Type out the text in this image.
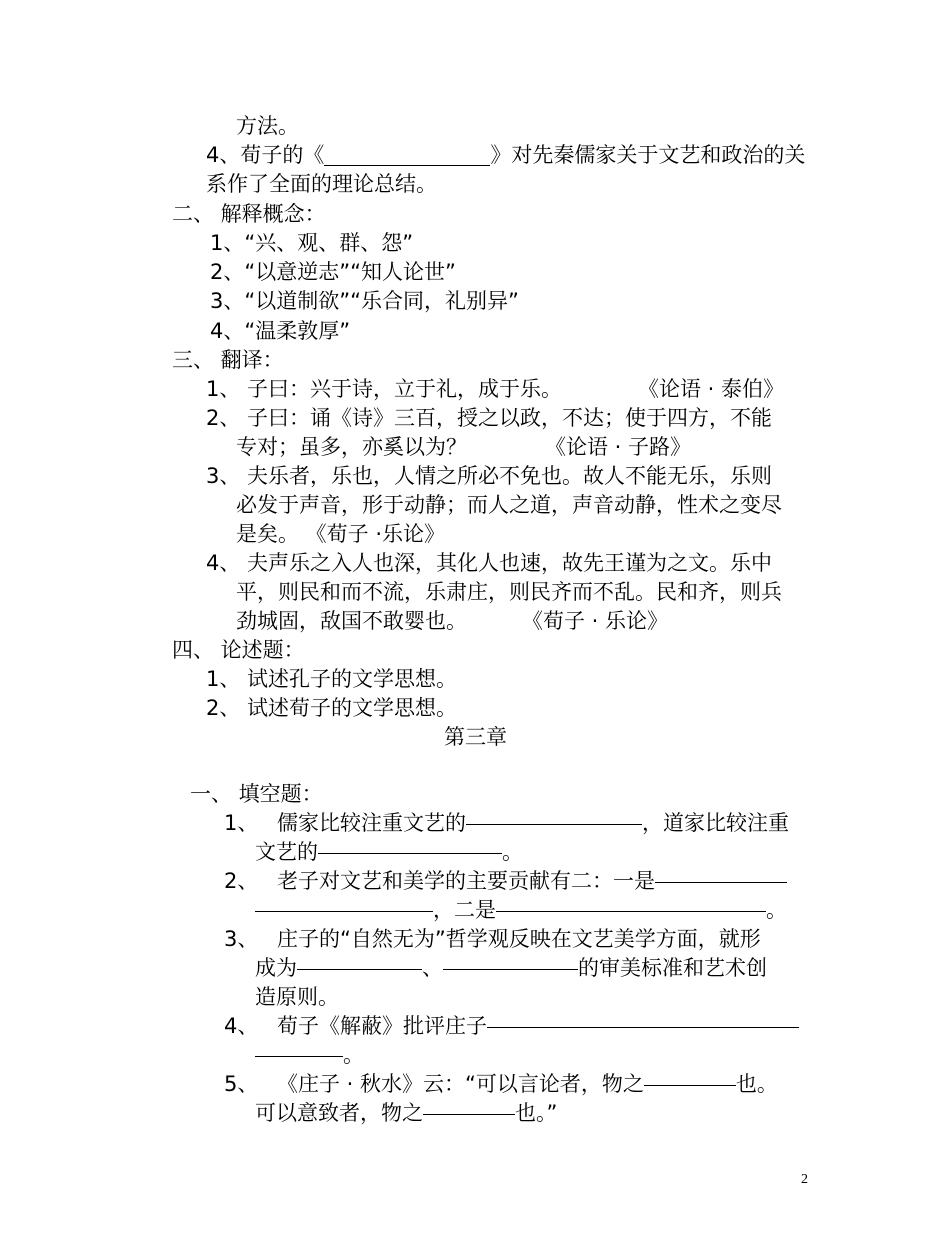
方法。
4、荀子的《	》对先秦儒家关于文艺和政治的关
系作了全面的理论总结。
二、 解释概念：
1、“兴、观、群、怨”
2、“以意逆志”“知人论世”
3、“以道制欲”“乐合同，礼别异”
4、“温柔敦厚”
三、 翻译：
1、 子曰：兴于诗，立于礼，成于乐。	《论语 · 泰伯》
2、 子曰：诵《诗》三百，授之以政，不达；使于四方，不能
专对；虽多，亦奚以为？	《论语 · 子路》
3、 夫乐者，乐也，人情之所必不免也。故人不能无乐，乐则
必发于声音，形于动静；而人之道，声音动静，性术之变尽
是矣。 《荀子 ·乐论》
4、 夫声乐之入人也深，其化人也速，故先王谨为之文。乐中
平，则民和而不流，乐肃庄，则民齐而不乱。民和齐，则兵
劲城固，敌国不敢婴也。	《荀子 · 乐论》
四、 论述题：
1、 试述孔子的文学思想。
2、 试述荀子的文学思想。
第三章
一、 填空题：
1、 儒家比较注重文艺的	，道家比较注重
文艺的	。
2、 老子对文艺和美学的主要贡献有二：一是
，二是	。
3、 庄子的“自然无为”哲学观反映在文艺美学方面，就形
成为	、	的审美标准和艺术创
造原则。
4、 荀子《解蔽》批评庄子
。
5、 《庄子 · 秋水》云：“可以言论者，物之	也。
可以意致者，物之	也。”
2
